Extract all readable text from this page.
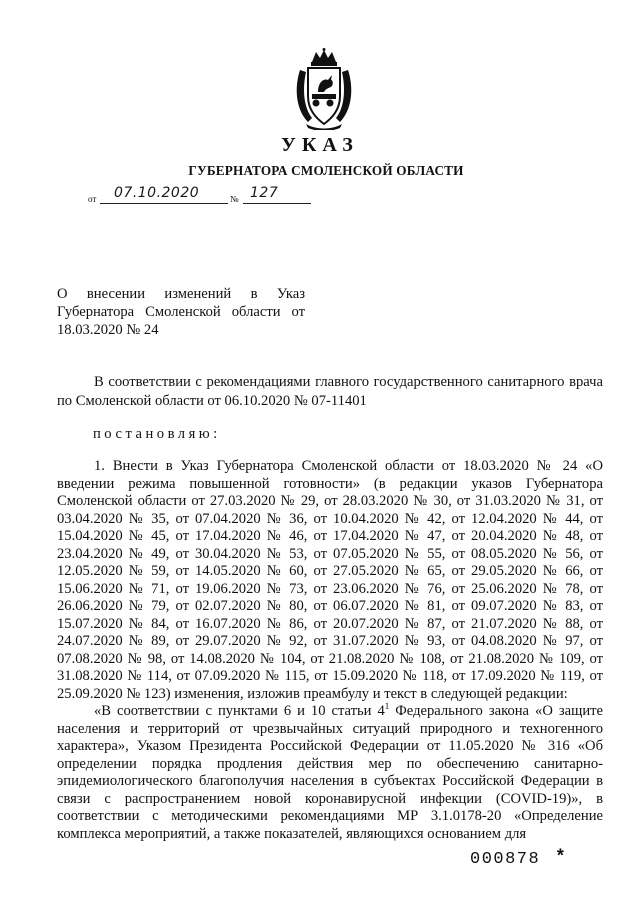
УКАЗ
ГУБЕРНАТОРА СМОЛЕНСКОЙ ОБЛАСТИ
от 07.10.2020	№ 127
О внесении изменений в Указ Губернатора Смоленской области от 18.03.2020 № 24
В соответствии с рекомендациями главного государственного санитарного врача по Смоленской области от 06.10.2020 № 07-11401
постановляю:

1. Внести в Указ Губернатора Смоленской области от 18.03.2020 № 24 «О введении режима повышенной готовности» (в редакции указов Губернатора Смоленской области от 27.03.2020 № 29, от 28.03.2020 № 30, от 31.03.2020 № 31, от 03.04.2020 № 35, от 07.04.2020 № 36, от 10.04.2020 № 42, от 12.04.2020 № 44, от 15.04.2020 № 45, от 17.04.2020 № 46, от 17.04.2020 № 47, от 20.04.2020 № 48, от 23.04.2020 № 49, от 30.04.2020 № 53, от 07.05.2020 № 55, от 08.05.2020 № 56, от 12.05.2020 № 59, от 14.05.2020 № 60, от 27.05.2020 № 65, от 29.05.2020 № 66, от 15.06.2020 № 71, от 19.06.2020 № 73, от 23.06.2020 № 76, от 25.06.2020 № 78, от 26.06.2020 № 79, от 02.07.2020 № 80, от 06.07.2020 № 81, от 09.07.2020 № 83, от 15.07.2020 № 84, от 16.07.2020 № 86, от 20.07.2020 № 87, от 21.07.2020 № 88, от 24.07.2020 № 89, от 29.07.2020 № 92, от 31.07.2020 № 93, от 04.08.2020 № 97, от 07.08.2020 № 98, от 14.08.2020 № 104, от 21.08.2020 № 108, от 21.08.2020 № 109, от 31.08.2020 № 114, от 07.09.2020 № 115, от 15.09.2020 № 118, от 17.09.2020 № 119, от 25.09.2020 № 123) изменения, изложив преамбулу и текст в следующей редакции:

«В соответствии с пунктами 6 и 10 статьи $4^1$ Федерального закона «О защите населения и территорий от чрезвычайных ситуаций природного и техногенного характера», Указом Президента Российской Федерации от 11.05.2020 № 316 «Об определении порядка продления действия мер по обеспечению санитарно-эпидемиологического благополучия населения в субъектах Российской Федерации в связи с распространением новой коронавирусной инфекции (COVID-19)», в соответствии с методическими рекомендациями МР 3.1.0178-20 «Определение комплекса мероприятий, а также показателей, являющихся основанием для

000878 *
